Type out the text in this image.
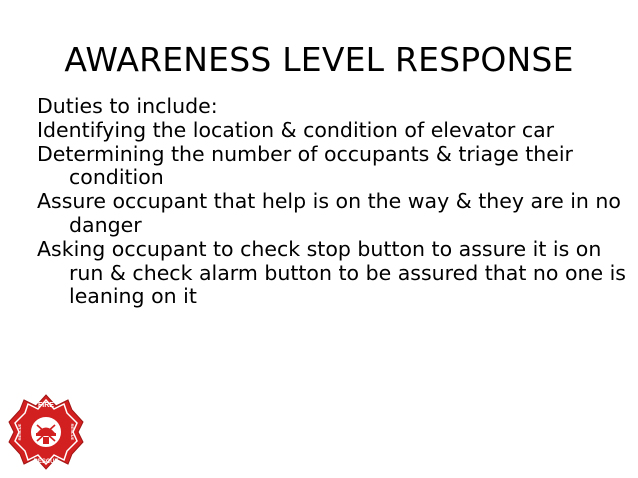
AWARENESS LEVEL RESPONSE
Duties to include:
Identifying the location & condition of elevator car
Determining the number of occupants & triage their condition
Assure occupant that help is on the way & they are in no danger
Asking occupant to check stop button to assure it is on run & check alarm button to be assured that no one is leaning on it
FIRE
RESCUE
RESCUE	RESCUE
